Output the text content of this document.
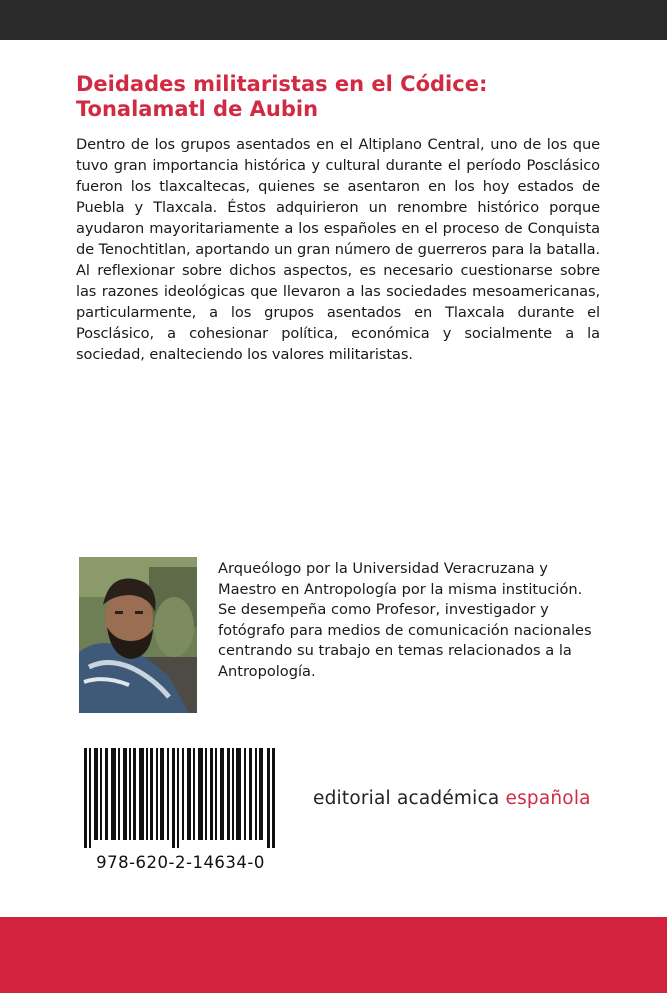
Deidades militaristas en el Códice:
Tonalamatl de Aubin

Dentro de los grupos asentados en el Altiplano Central, uno de los que tuvo gran importancia histórica y cultural durante el período Posclásico fueron los tlaxcaltecas, quienes se asentaron en los hoy estados de Puebla y Tlaxcala. Éstos adquirieron un renombre histórico porque ayudaron mayoritariamente a los españoles en el proceso de Conquista de Tenochtitlan, aportando un gran número de guerreros para la batalla. Al reflexionar sobre dichos aspectos, es necesario cuestionarse sobre las razones ideológicas que llevaron a las sociedades mesoamericanas, particularmente, a los grupos asentados en Tlaxcala durante el Posclásico, a cohesionar política, económica y socialmente a la sociedad, enalteciendo los valores militaristas.

Arqueólogo por la Universidad Veracruzana y Maestro en Antropología por la misma institución. Se desempeña como Profesor, investigador y fotógrafo para medios de comunicación nacionales centrando su trabajo en temas relacionados a la Antropología.

978-620-2-14634-0
editorial académica española
